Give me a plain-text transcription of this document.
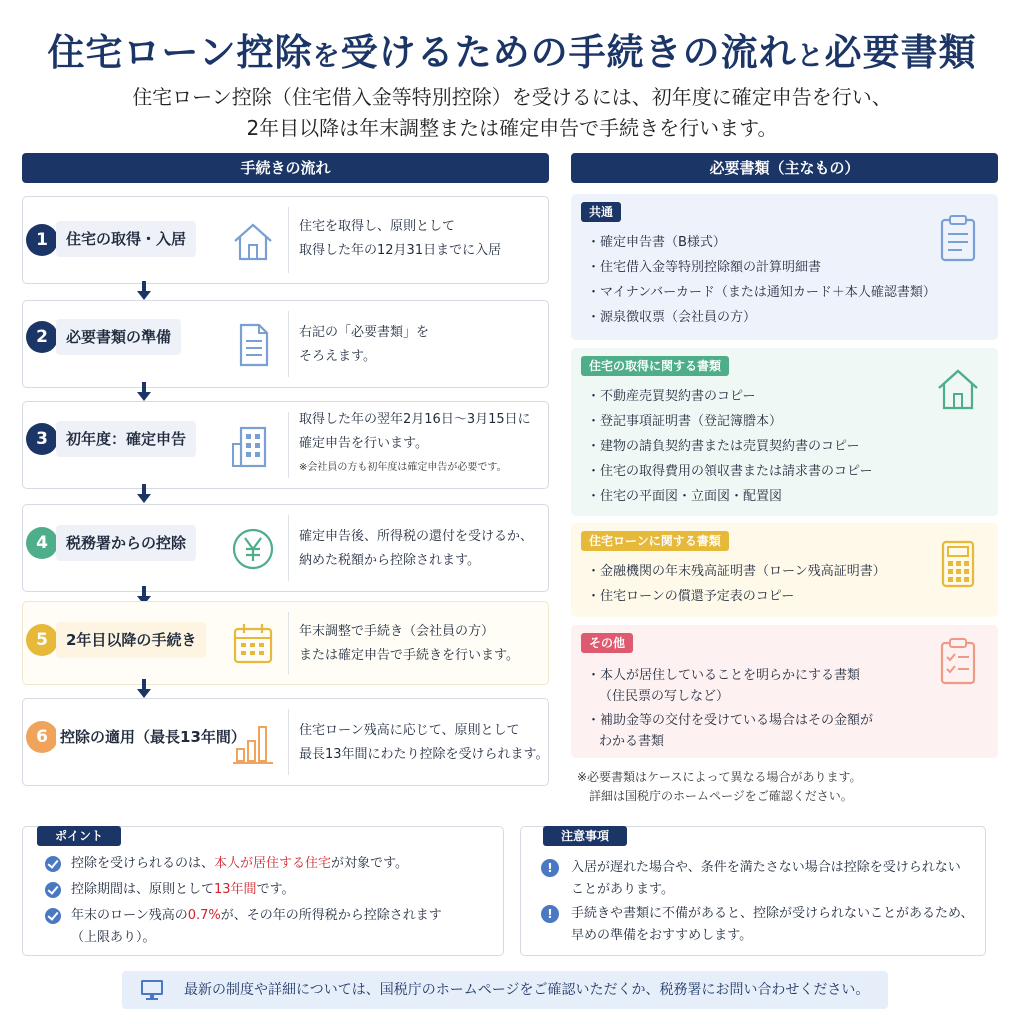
住宅ローン控除を受けるための手続きの流れと必要書類
住宅ローン控除（住宅借入金等特別控除）を受けるには、初年度に確定申告を行い、
2年目以降は年末調整または確定申告で手続きを行います。
手続きの流れ	必要書類（主なもの）
1	住宅の取得・入居
住宅を取得し、原則として
取得した年の12月31日までに入居
2	必要書類の準備	右記の「必要書類」を
そろえます。
3	初年度：確定申告
取得した年の翌年2月16日〜3月15日に
確定申告を行います。
※会社員の方も初年度は確定申告が必要です。
4	税務署からの控除	確定申告後、所得税の還付を受けるか、
納めた税額から控除されます。
5	2年目以降の手続き	年末調整で手続き（会社員の方）
または確定申告で手続きを行います。
6 控除の適用（最長13年間）	住宅ローン残高に応じて、原則として
最長13年間にわたり控除を受けられます。
共通
・確定申告書（B様式）
・住宅借入金等特別控除額の計算明細書
・マイナンバーカード（または通知カード＋本人確認書類）
・源泉徴収票（会社員の方）
住宅の取得に関する書類
・不動産売買契約書のコピー
・登記事項証明書（登記簿謄本）
・建物の請負契約書または売買契約書のコピー
・住宅の取得費用の領収書または請求書のコピー
・住宅の平面図・立面図・配置図
住宅ローンに関する書類
・金融機関の年末残高証明書（ローン残高証明書）
・住宅ローンの償還予定表のコピー
その他
・本人が居住していることを明らかにする書類
（住民票の写しなど）
・補助金等の交付を受けている場合はその金額が
わかる書類
※必要書類はケースによって異なる場合があります。
詳細は国税庁のホームページをご確認ください。
ポイント
控除を受けられるのは、本人が居住する住宅が対象です。
控除期間は、原則として13年間です。
年末のローン残高の0.7%が、その年の所得税から控除されます
（上限あり）。
注意事項
!	入居が遅れた場合や、条件を満たさない場合は控除を受けられない
ことがあります。
!	手続きや書類に不備があると、控除が受けられないことがあるため、
早めの準備をおすすめします。
最新の制度や詳細については、国税庁のホームページをご確認いただくか、税務署にお問い合わせください。
